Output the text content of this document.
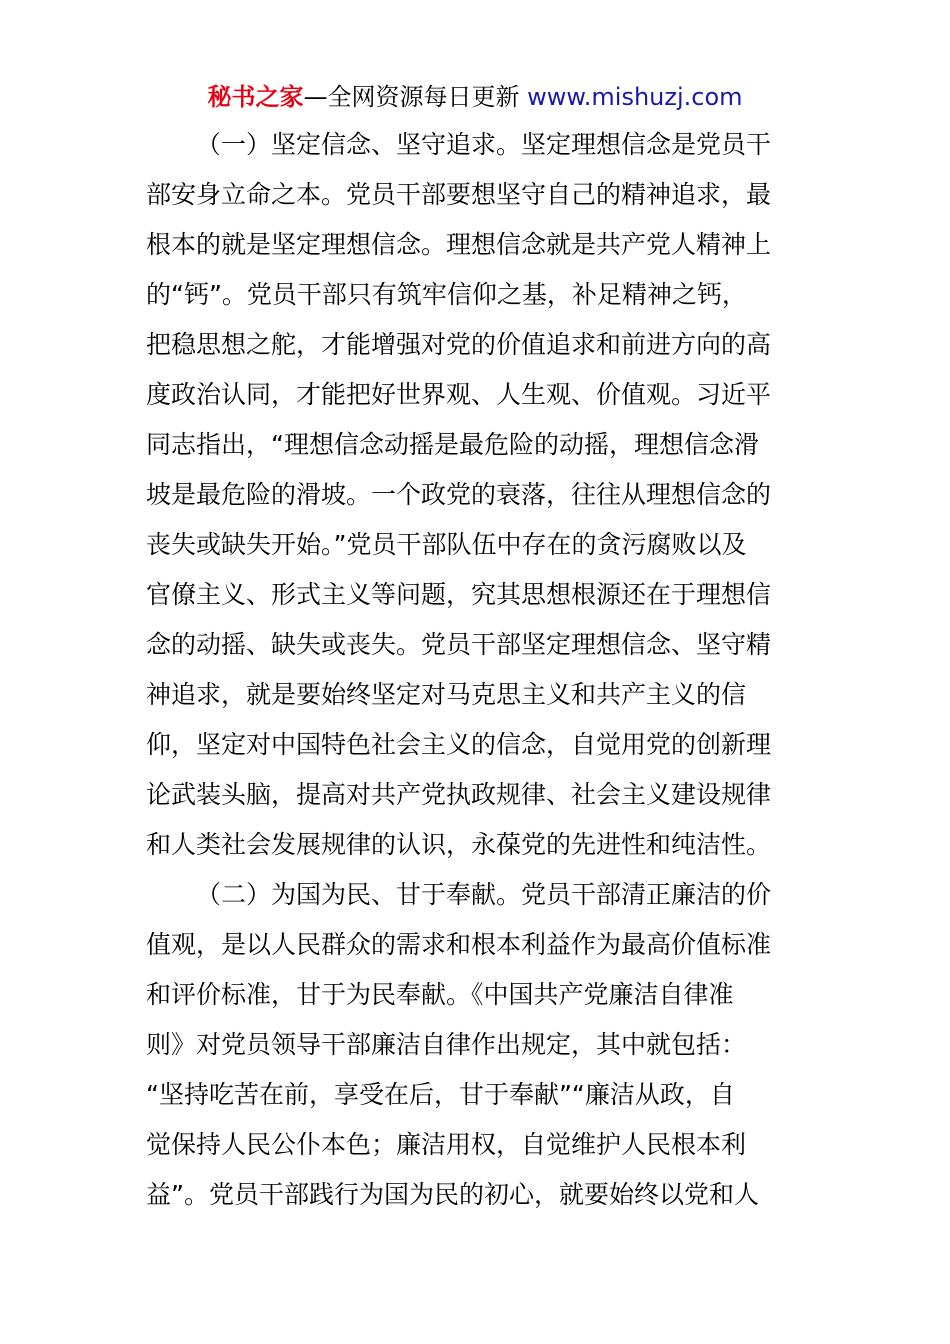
秘书之家—全网资源每日更新 www.mishuzj.com
（一）坚定信念、坚守追求。坚定理想信念是党员干
部安身立命之本。党员干部要想坚守自己的精神追求，最
根本的就是坚定理想信念。理想信念就是共产党人精神上
的“钙”。党员干部只有筑牢信仰之基，补足精神之钙，
把稳思想之舵，才能增强对党的价值追求和前进方向的高
度政治认同，才能把好世界观、人生观、价值观。习近平
同志指出，“理想信念动摇是最危险的动摇，理想信念滑
坡是最危险的滑坡。一个政党的衰落，往往从理想信念的
丧失或缺失开始。”党员干部队伍中存在的贪污腐败以及
官僚主义、形式主义等问题，究其思想根源还在于理想信
念的动摇、缺失或丧失。党员干部坚定理想信念、坚守精
神追求，就是要始终坚定对马克思主义和共产主义的信
仰，坚定对中国特色社会主义的信念，自觉用党的创新理
论武装头脑，提高对共产党执政规律、社会主义建设规律
和人类社会发展规律的认识，永葆党的先进性和纯洁性。
（二）为国为民、甘于奉献。党员干部清正廉洁的价
值观，是以人民群众的需求和根本利益作为最高价值标准
和评价标准，甘于为民奉献。《中国共产党廉洁自律准
则》对党员领导干部廉洁自律作出规定，其中就包括：
“坚持吃苦在前，享受在后，甘于奉献”“廉洁从政，自
觉保持人民公仆本色；廉洁用权，自觉维护人民根本利
益”。党员干部践行为国为民的初心，就要始终以党和人
